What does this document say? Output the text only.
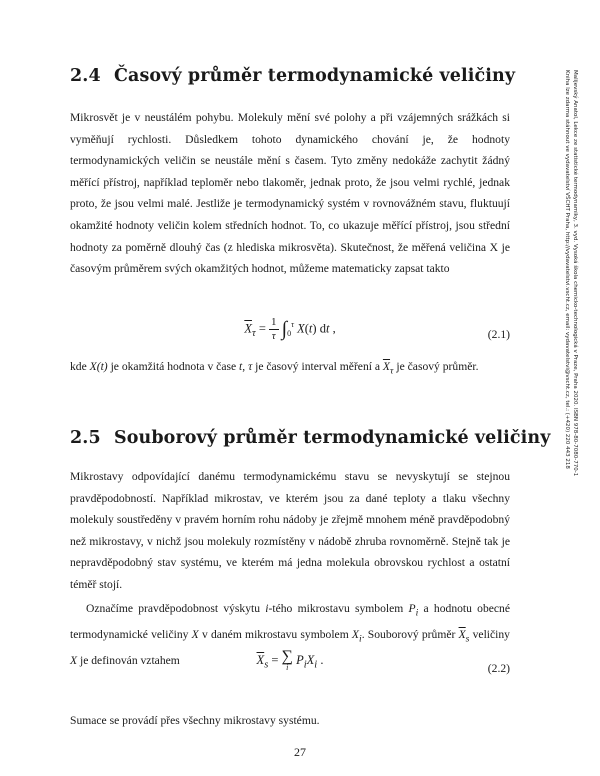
2.4 Časový průměr termodynamické veličiny

Mikrosvět je v neustálém pohybu. Molekuly mění své polohy a při vzájemných srážkách si vyměňují rychlosti. Důsledkem tohoto dynamického chování je, že hodnoty termodynamických veličin se neustále mění s časem. Tyto změny nedokáže zachytit žádný měřící přístroj, například teploměr nebo tlakoměr, jednak proto, že jsou velmi rychlé, jednak proto, že jsou velmi malé. Jestliže je termodynamický systém v rovnovážném stavu, fluktuují okamžité hodnoty veličin kolem středních hodnot. To, co ukazuje měřící přístroj, jsou střední hodnoty za poměrně dlouhý čas (z hlediska mikrosvěta). Skutečnost, že měřená veličina X je časovým průměrem svých okamžitých hodnot, můžeme matematicky zapsat takto

$\overline{X}_\tau = \frac{1}{\tau} \int_0^\tau$ X(t) dt ,	(2.1)

kde X(t) je okamžitá hodnota v čase t, τ je časový interval měření a $\overline{X}_\tau$ je časový průměr.

2.5 Souborový průměr termodynamické veličiny

Mikrostavy odpovídající danému termodynamickému stavu se nevyskytují se stejnou pravděpodobností. Například mikrostav, ve kterém jsou za dané teploty a tlaku všechny molekuly soustředěny v pravém horním rohu nádoby je zřejmě mnohem méně pravděpodobný než mikrostavy, v nichž jsou molekuly rozmístěny v nádobě zhruba rovnoměrně. Stejně tak je nepravděpodobný stav systému, ve kterém má jedna molekula obrovskou rychlost a ostatní téměř stojí.

Označíme pravděpodobnost výskytu i-tého mikrostavu symbolem $P_i$ a hodnotu obecné termodynamické veličiny X v daném mikrostavu symbolem $X_i$. Souborový průměr $\overline{X}_s$ veličiny X je definován vztahem	$\overline{X}_s$ = ∑
i
$P_iX_i$ .
(2.2)

Sumace se provádí přes všechny mikrostavy systému.

27
Malijevský Anatol, Lekce ze statistické termodynamiky, 3. vyd. Vysoká škola chemicko-technologická v Praze, Praha 2020. ISBN 978-80-7080-770-1
Kniha lze zdarma stáhnout ve vydavatelství VŠCHT Praha, http://vydavatelstvi.vscht.cz, email: vydavatelstvi@vscht.cz, tel.: (+420) 220 443 218
